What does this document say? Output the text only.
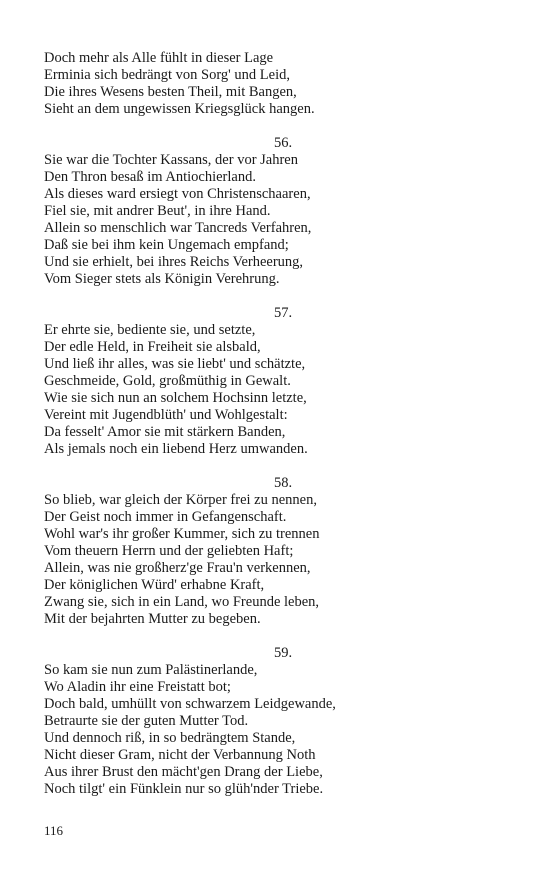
Doch mehr als Alle fühlt in dieser Lage
Erminia sich bedrängt von Sorg' und Leid,
Die ihres Wesens besten Theil, mit Bangen,
Sieht an dem ungewissen Kriegsglück hangen.
56.
Sie war die Tochter Kassans, der vor Jahren
Den Thron besaß im Antiochierland.
Als dieses ward ersiegt von Christenschaaren,
Fiel sie, mit andrer Beut', in ihre Hand.
Allein so menschlich war Tancreds Verfahren,
Daß sie bei ihm kein Ungemach empfand;
Und sie erhielt, bei ihres Reichs Verheerung,
Vom Sieger stets als Königin Verehrung.
57.
Er ehrte sie, bediente sie, und setzte,
Der edle Held, in Freiheit sie alsbald,
Und ließ ihr alles, was sie liebt' und schätzte,
Geschmeide, Gold, großmüthig in Gewalt.
Wie sie sich nun an solchem Hochsinn letzte,
Vereint mit Jugendblüth' und Wohlgestalt:
Da fesselt' Amor sie mit stärkern Banden,
Als jemals noch ein liebend Herz umwanden.
58.
So blieb, war gleich der Körper frei zu nennen,
Der Geist noch immer in Gefangenschaft.
Wohl war's ihr großer Kummer, sich zu trennen
Vom theuern Herrn und der geliebten Haft;
Allein, was nie großherz'ge Frau'n verkennen,
Der königlichen Würd' erhabne Kraft,
Zwang sie, sich in ein Land, wo Freunde leben,
Mit der bejahrten Mutter zu begeben.
59.
So kam sie nun zum Palästinerlande,
Wo Aladin ihr eine Freistatt bot;
Doch bald, umhüllt von schwarzem Leidgewande,
Betraurte sie der guten Mutter Tod.
Und dennoch riß, in so bedrängtem Stande,
Nicht dieser Gram, nicht der Verbannung Noth
Aus ihrer Brust den mächt'gen Drang der Liebe,
Noch tilgt' ein Fünklein nur so glüh'nder Triebe.
116
